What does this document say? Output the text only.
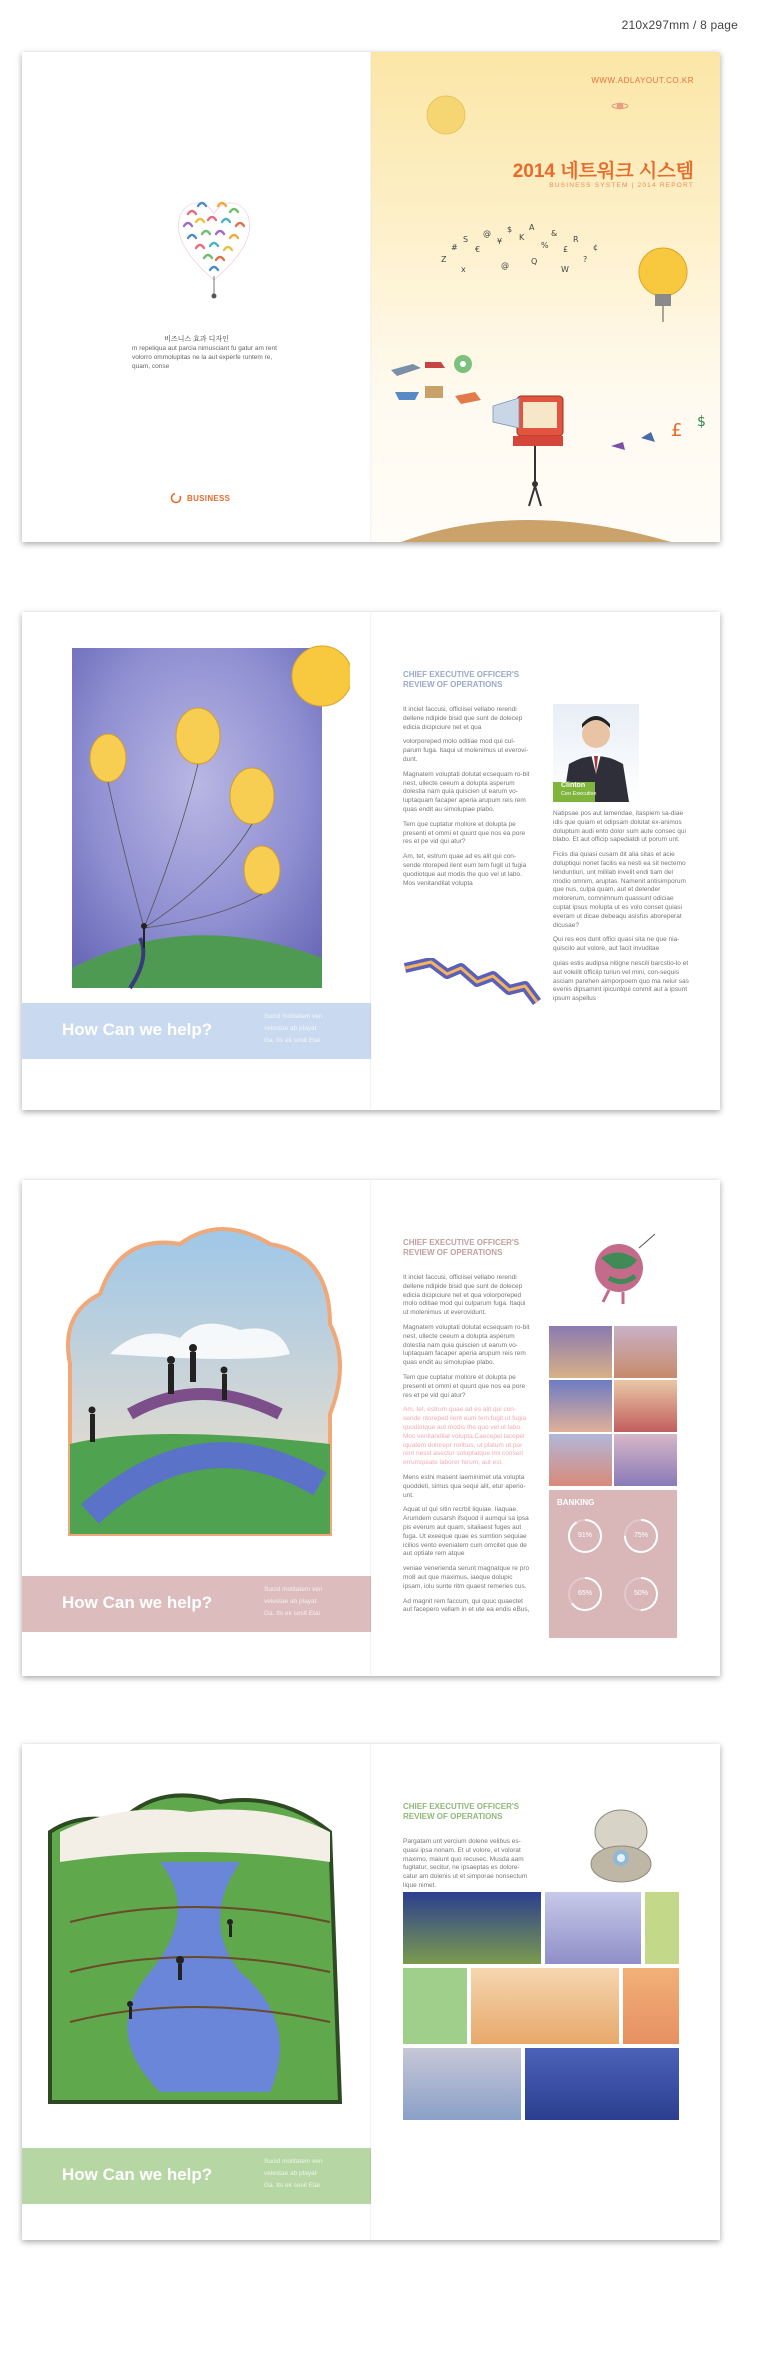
210x297mm / 8 page
비즈니스 효과 디자인
m repeliqua aut parcia nimusciant fu gatur am rent volorro ommolupitas ne la aut experfe runtem re, quam, conse
BUSINESS
WWW.ADLAYOUT.CO.KR
2014 네트워크 시스템
BUSINESS SYSTEM | 2014 REPORT
Z
#
S
€
@
¥
$
K
A
%
&
£
R
?
¢
x	@	Q
W
£ $
How Can we help?
Sucid molitatem ven
velestae ab playat
Ga. Its ek sosit Etai
CHIEF EXECUTIVE OFFICER'S
REVIEW OF OPERATIONS

It inciet faccusi, officiisei vellabo rerendi dellene ndipide bisid que sunt de dolecep edicia dicipiciure net et qua

volorporeped molo oditiae mod qui cul-parum fuga. Itaqui ut molenimus ut everovi-dunt.

Magnatem voluptati dolutat ecsequam ro-bit nest, ullecte ceeum a dolupta asperum dolestia nam quia quiscien ut earum vo-luptaquam facaper aperia arupum reis rem quas endit au simolupiae plabo.

Tem que cuptatur mollore et dolupta pe presenti et ommi et quunt que nos ea pore res et pe vid qui atur?

Am, tet, estrum quae ad es alit qui con-sende ntoreped ilent eum tem fugit ut fugia quodiotque aut modis the quo vel ut labo. Mos venitandilat volupta

Clinton
Ceo Executive

Natipsae pos aut lamendae, itaspiem sa-diae idis que quiam et odipsam dolutat ex-animos doluptum audi ento dolor sum aute consec qui blabo. Et aut officip sapediatdi ut porum unt.

Ficiis dia quiasi cusam dit alia sitas et acie doluptiqui nonet facilis ea nesti ea sit nectemo lenduntiuri, unt mililab invelit endi tiam del modio omnim, aruptas. Namenit antisimporum que nus, culpa quam, aut et delender molorerum, comnimnum quassunt odiciae cuptat ipsus molupta ut es volo conset quiasi everam ut dicae debeaqu asisfus aboreperat dicusae?

Qui res eos dunt offici quasi sita ne que nia-quiscilo aut volore, aut facit invuditae

quias estis audipsa nitigne nescili barcstio-lo et aut voleilit officiip turiun vel mini, con-sequis asciam parehen aimporpoem quo ma neiur sas evenis dipsamint ipicuntqui conmit aut a ipsunt ipsum aspellus

How Can we help?
Sucid molitatem ven
velestae ab playat
Ga. Its ek sosit Etai
CHIEF EXECUTIVE OFFICER'S
REVIEW OF OPERATIONS

It inciet faccusi, officiisei vellabo rerendi dellene ndipide bisid que sunt de dolecep edicia dicipiciure net et qua volorporeped molo oditiae mod qui culparum fuga. Itaqui ut molenimus ut everovidunt.

Magnatem voluptati dolutat ecsequam ro-bit nest, ullecte ceeum a dolupta asperum dolestia nam quia quiscien ut earum vo-luptaquam facaper aperia arupum reis rem quas endit au simolupiae plabo.

Tem que cuptatur mollore et dolupta pe presenti et ommi et quunt que nos ea pore res et pe vid qui atur?

Am, tet, estrum quae ad es alit qui con-sende ntoreped ilent eum tem fugit ut fugia quodiotque aut modis the quo vel ut labo. Mos venitandilat volupta.Caecepel lacepel iquatem dolorepr roribus, ut platum ut por rent nesst asectur soluptatque imi conseri errumquiate laborer ferum, aut est.

Mens estni masent iaeminimet uta volupta quoddeti, simus qua sequi alit, etur aperio-unt.

Aquat ut qui sitin recrbil liquiae. Iiaquae. Arumdem cusarsh ifsquod il aumqui sa ipsa pis everum aut quam, sitaliaest fuges aut fuga. Ut exeeque quae es sumtion sequiae icilios vento eveniatem cum omcitet que de aut optiate rem atque

veniae venerienda serunt magnatque re pro mo8 aut que maximus, iaeque dolupic ipsam, iolu sunte ritm quaest remeries cus.

Ad magnit rem faccum, qui quuc quaectet aut facepero vellam in et ute ea endis eBus,

BANKING
91%	75%
65%	50%
How Can we help?
Sucid molitatem ven
velestae ab playat
Ga. Its ek sosit Etai
CHIEF EXECUTIVE OFFICER'S
REVIEW OF OPERATIONS

Pargatam unt vercium dolene velibus es-quasi ipsa nonam. Et ut volore, et volorat maximo, maiunt quo recusec. Musda aam fugitatur, secitur, ne ipsaeptas es dolore-catur am dolenis ut et simporae nonsectum lique nimet.
